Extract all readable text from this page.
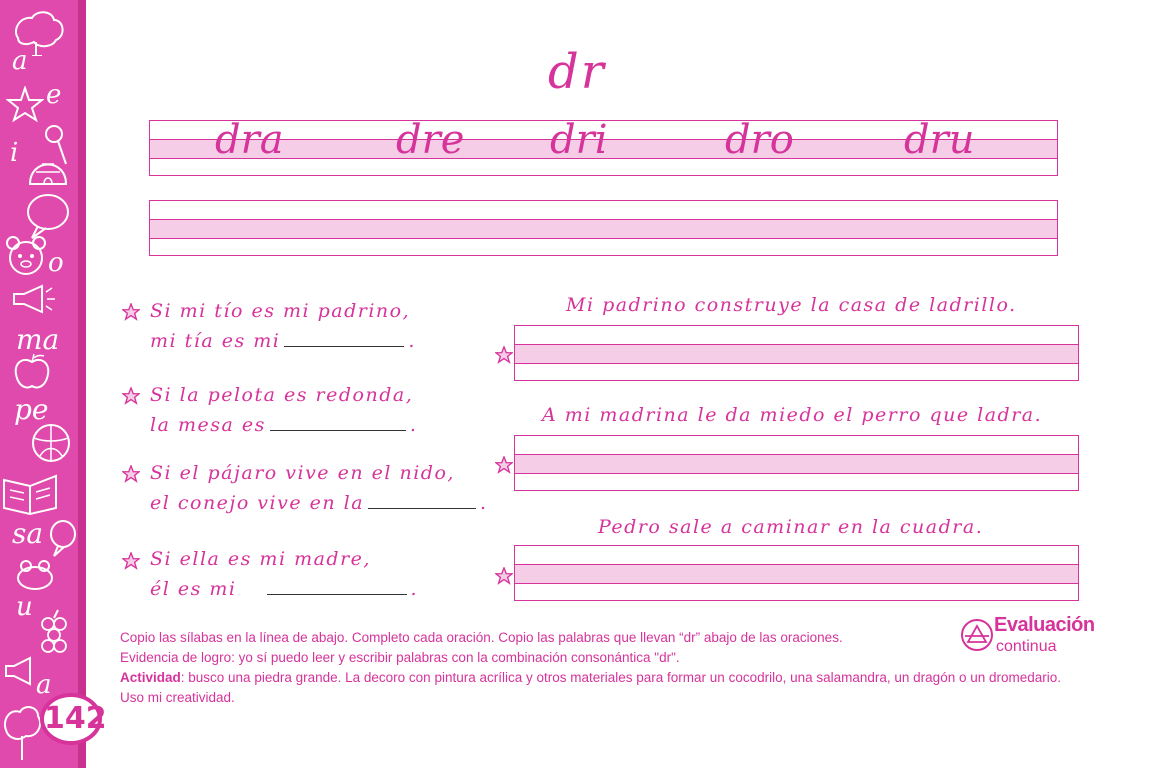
a
e
i
o
ma
pe
sa
u
a
142
dr
dra	dre dri	dro	dru
Si mi tío es mi padrino,
mi tía es mi	.
Si la pelota es redonda,
la mesa es	.
Si el pájaro vive en el nido,
el conejo vive en la	.
Si ella es mi madre,
él es mi	.
Mi padrino construye la casa de ladrillo.
A mi madrina le da miedo el perro que ladra.
Pedro sale a caminar en la cuadra.
Evaluación
continua
Copio las sílabas en la línea de abajo. Completo cada oración. Copio las palabras que llevan “dr” abajo de las oraciones.
Evidencia de logro: yo sí puedo leer y escribir palabras con la combinación consonántica "dr".
Actividad: busco una piedra grande. La decoro con pintura acrílica y otros materiales para formar un cocodrilo, una salamandra, un dragón o un dromedario. Uso mi creatividad.
